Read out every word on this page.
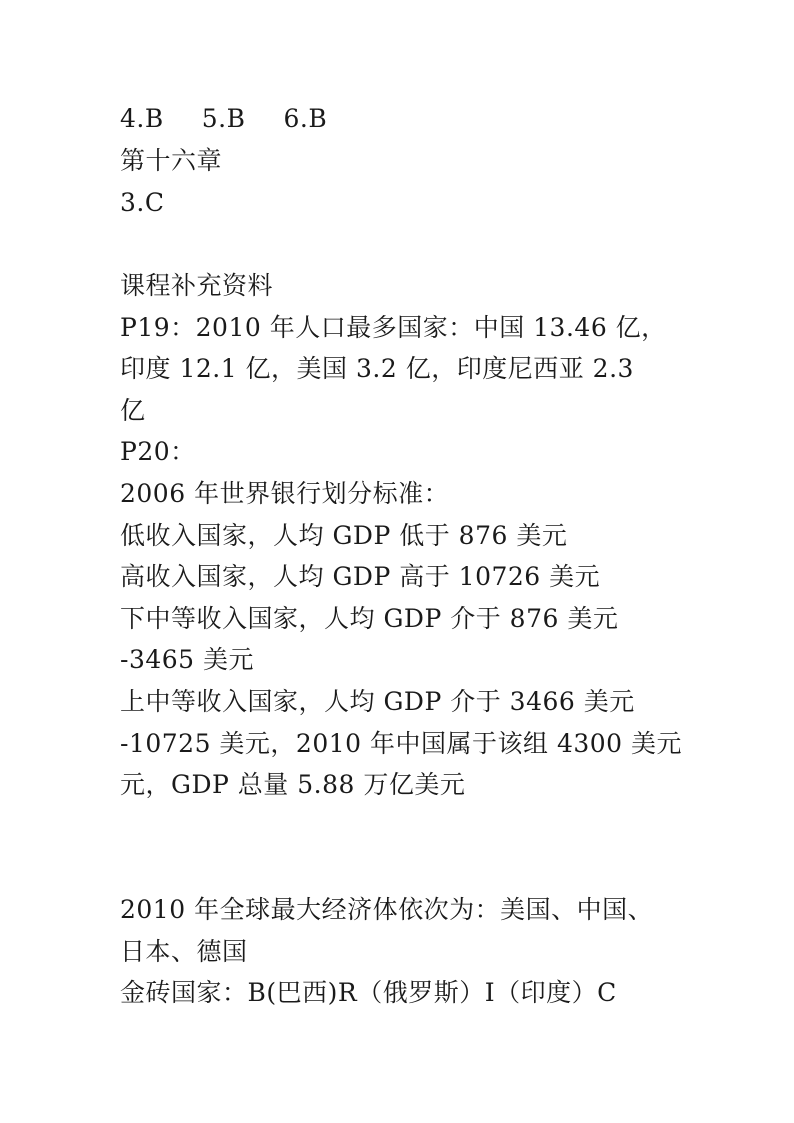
4.B 5.B 6.B
第十六章
3.C
课程补充资料
P19：2010 年人口最多国家：中国 13.46 亿，
印度 12.1 亿，美国 3.2 亿，印度尼西亚 2.3
亿
P20：
2006 年世界银行划分标准：
低收入国家，人均 GDP 低于 876 美元
高收入国家，人均 GDP 高于 10726 美元
下中等收入国家，人均 GDP 介于 876 美元
-3465 美元
上中等收入国家，人均 GDP 介于 3466 美元
-10725 美元，2010 年中国属于该组 4300 美元
元，GDP 总量 5.88 万亿美元
2010 年全球最大经济体依次为：美国、中国、
日本、德国
金砖国家：B(巴西)R（俄罗斯）I（印度）C
